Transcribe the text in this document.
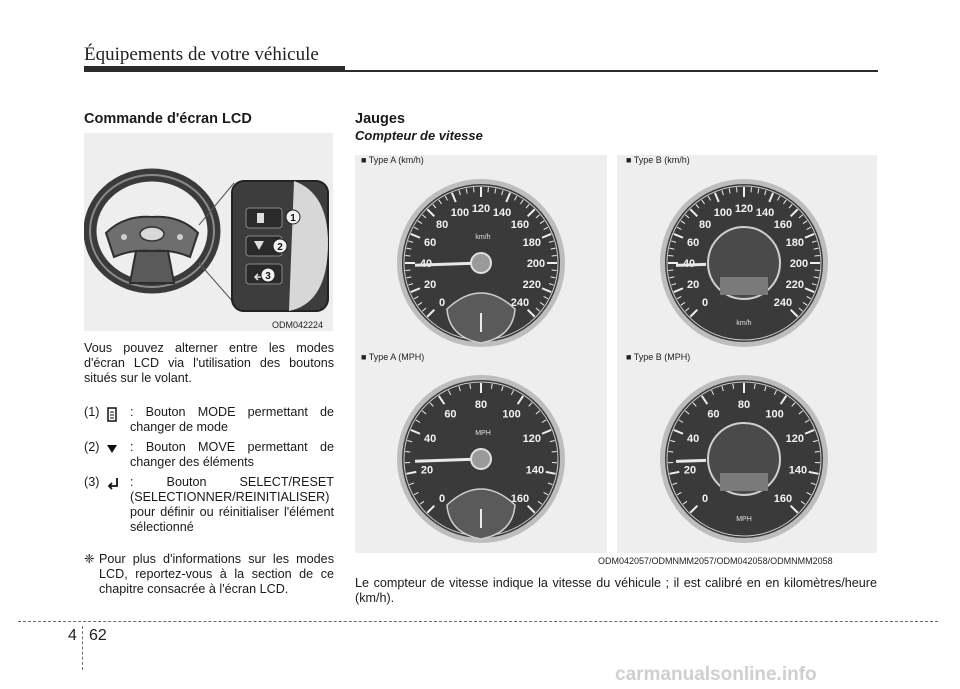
Équipements de votre véhicule
Commande d'écran LCD
1
2
3
ODM042224
Vous pouvez alterner entre les modes d'écran LCD via l'utilisation des boutons situés sur le volant.
(1) : Bouton MODE permettant de changer de mode
(2) : Bouton MOVE permettant de changer des éléments
(3) : Bouton SELECT/RESET (SELECTIONNER/REINITIALISER) pour définir ou réinitialiser l'élément sélectionné
❈ Pour plus d'informations sur les modes LCD, reportez-vous à la section de ce chapitre consacrée à l'écran LCD.
Jauges
Compteur de vitesse
■ Type A (km/h)	■ Type B (km/h)
■ Type A (MPH)	■ Type B (MPH)
0
20
60
80
100 120 140
160
180
200
220
240
km/h
0
20
60
80
100 120 140
160
180
200
220
240
km/h
0
20
40
60
80
100
120
140
160
MPH
0
20
40
60
80
100
120
140
160
MPH
ODM042057/ODMNMM2057/ODM042058/ODMNMM2058
Le compteur de vitesse indique la vitesse du véhicule ; il est calibré en en kilomètres/heure (km/h).
4 62
carmanualsonline.info
